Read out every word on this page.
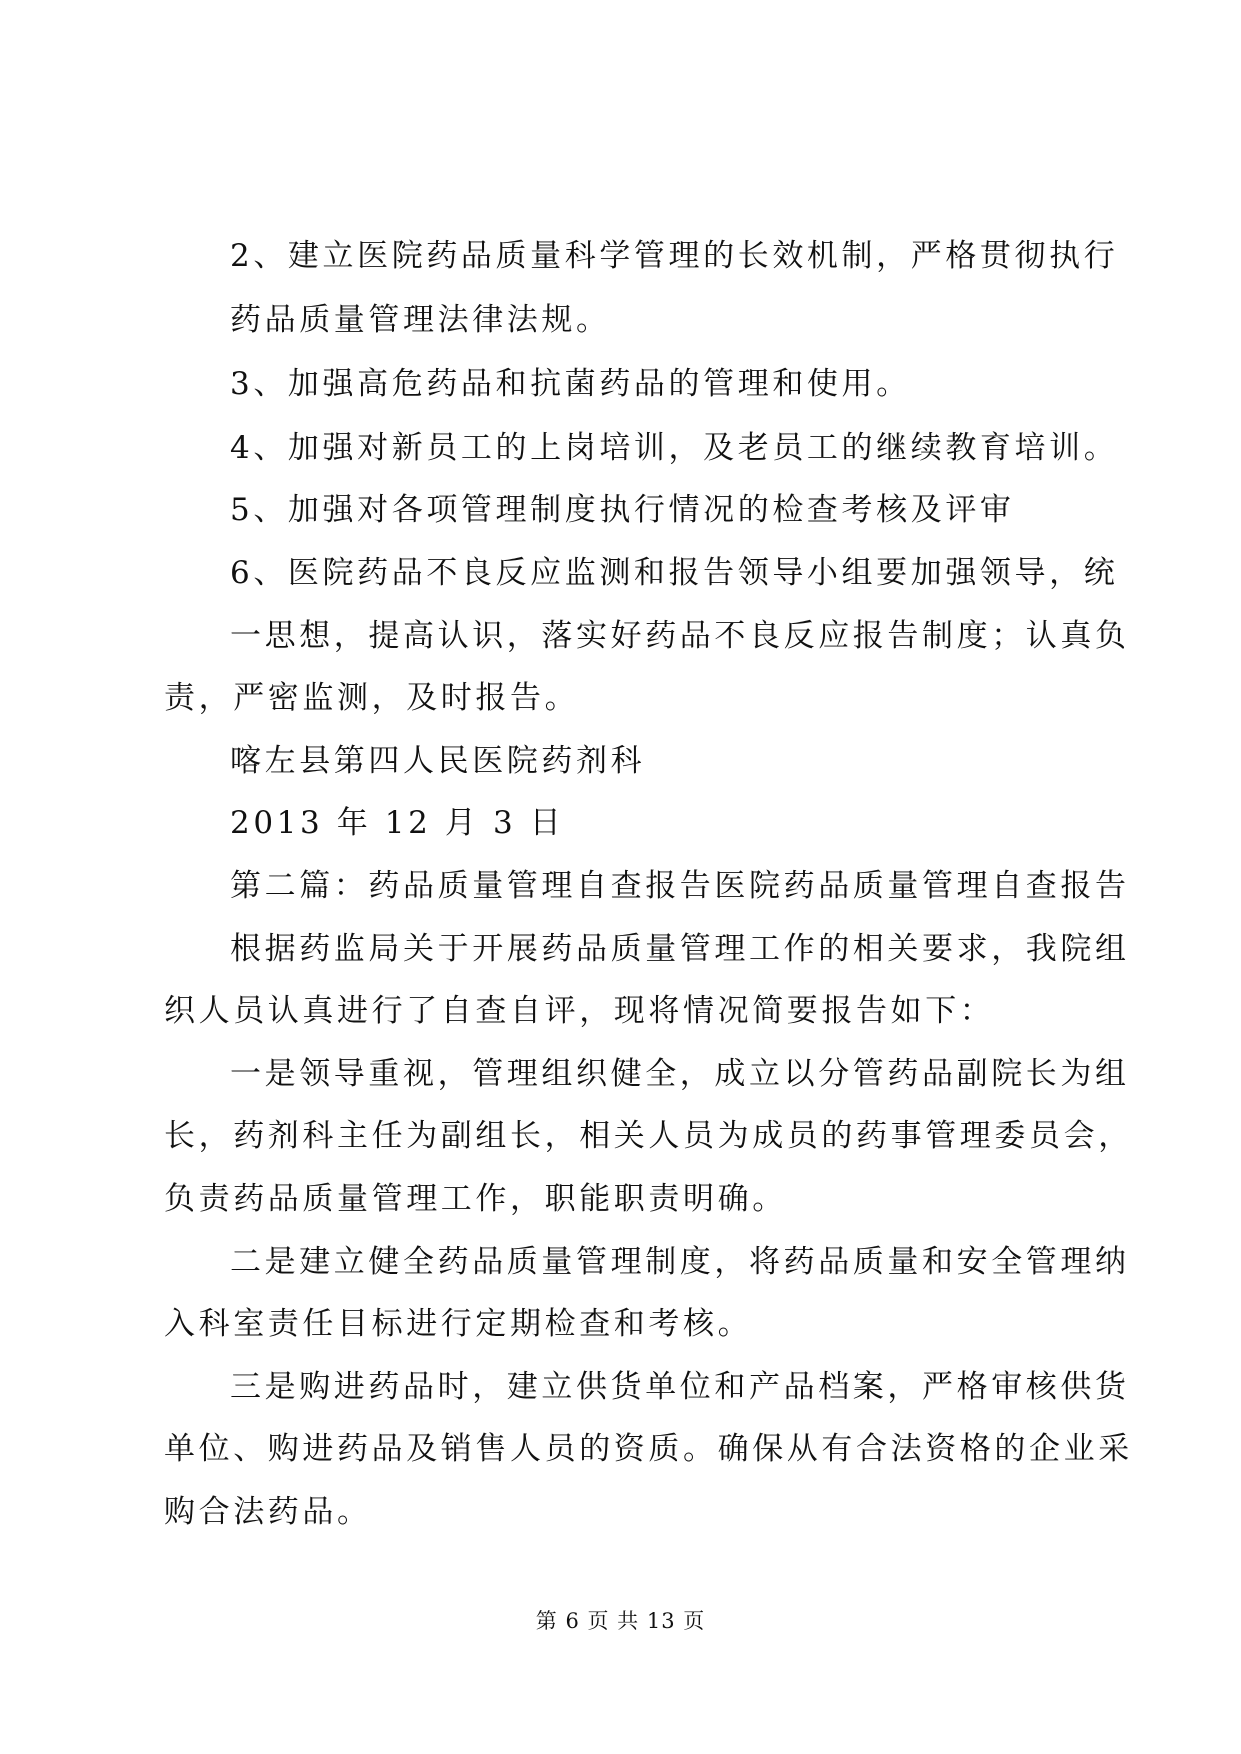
2、建立医院药品质量科学管理的长效机制，严格贯彻执行

药品质量管理法律法规。

3、加强高危药品和抗菌药品的管理和使用。

4、加强对新员工的上岗培训，及老员工的继续教育培训。

5、加强对各项管理制度执行情况的检查考核及评审

6、医院药品不良反应监测和报告领导小组要加强领导，统

一思想，提高认识，落实好药品不良反应报告制度；认真负

责，严密监测，及时报告。

喀左县第四人民医院药剂科

2013 年 12 月 3 日

第二篇：药品质量管理自查报告医院药品质量管理自查报告

根据药监局关于开展药品质量管理工作的相关要求，我院组

织人员认真进行了自查自评，现将情况简要报告如下：

一是领导重视，管理组织健全，成立以分管药品副院长为组

长，药剂科主任为副组长，相关人员为成员的药事管理委员会，

负责药品质量管理工作，职能职责明确。

二是建立健全药品质量管理制度，将药品质量和安全管理纳

入科室责任目标进行定期检查和考核。

三是购进药品时，建立供货单位和产品档案，严格审核供货

单位、购进药品及销售人员的资质。确保从有合法资格的企业采

购合法药品。

第 6 页 共 13 页
